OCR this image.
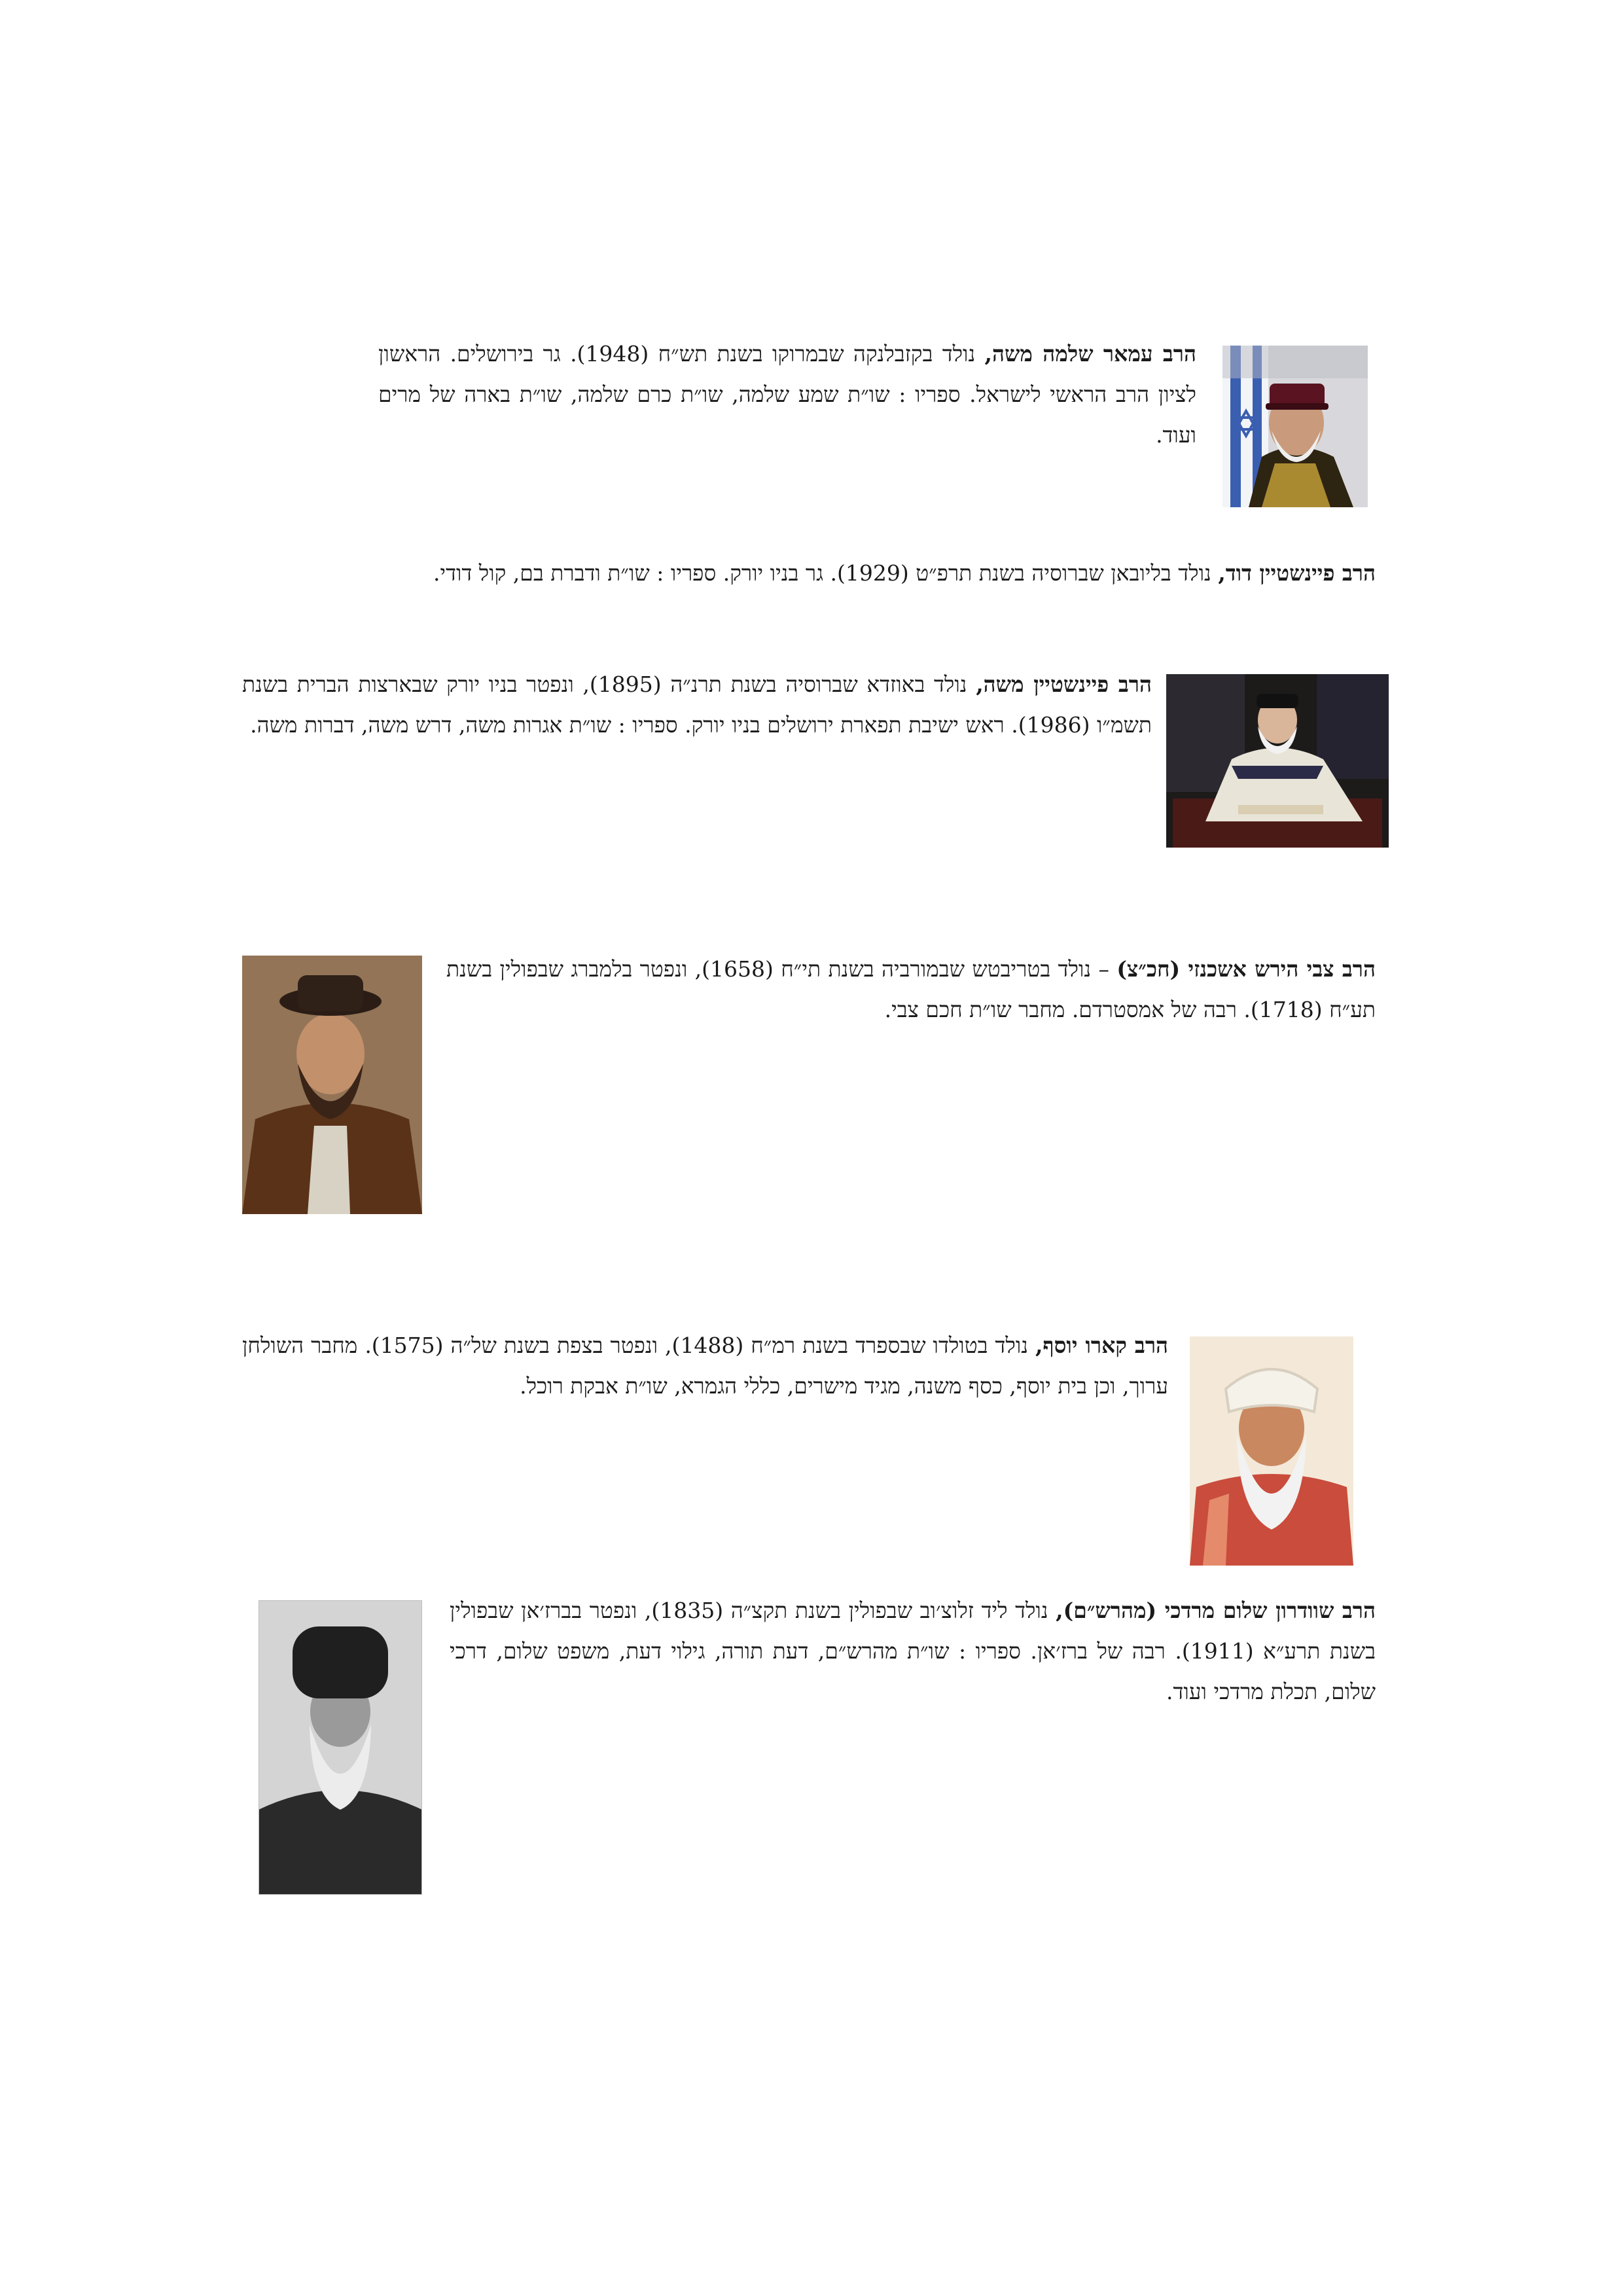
הרב עמאר שלמה משה, נולד בקזבלנקה שבמרוקו בשנת תש״ח (1948). גר בירושלים. הראשון לציון הרב הראשי לישראל. ספריו : שו״ת שמע שלמה, שו״ת כרם שלמה, שו״ת בארה של מרים ועוד.
הרב פיינשטיין דוד, נולד בליובאן שברוסיה בשנת תרפ״ט (1929). גר בניו יורק. ספריו : שו״ת ודברת בם, קול דודי.
הרב פיינשטיין משה, נולד באוזדא שברוסיה בשנת תרנ״ה (1895), ונפטר בניו יורק שבארצות הברית בשנת תשמ״ו (1986). ראש ישיבת תפארת ירושלים בניו יורק. ספריו : שו״ת אגרות משה, דרש משה, דברות משה.
הרב צבי הירש אשכנזי (חכ״צ) – נולד בטריבטש שבמורביה בשנת תי״ח (1658), ונפטר בלמברג שבפולין בשנת תע״ח (1718). רבה של אמסטרדם. מחבר שו״ת חכם צבי.
הרב קארו יוסף, נולד בטולדו שבספרד בשנת רמ״ח (1488), ונפטר בצפת בשנת של״ה (1575). מחבר השולחן ערוך, וכן בית יוסף, כסף משנה, מגיד מישרים, כללי הגמרא, שו״ת אבקת רוכל.
הרב שוודרון שלום מרדכי (מהרש״ם), נולד ליד זלוצ׳וב שבפולין בשנת תקצ״ה (1835), ונפטר בברז׳אן שבפולין בשנת תרע״א (1911). רבה של ברז׳אן. ספריו : שו״ת מהרש״ם, דעת תורה, גילוי דעת, משפט שלום, דרכי שלום, תכלת מרדכי ועוד.
